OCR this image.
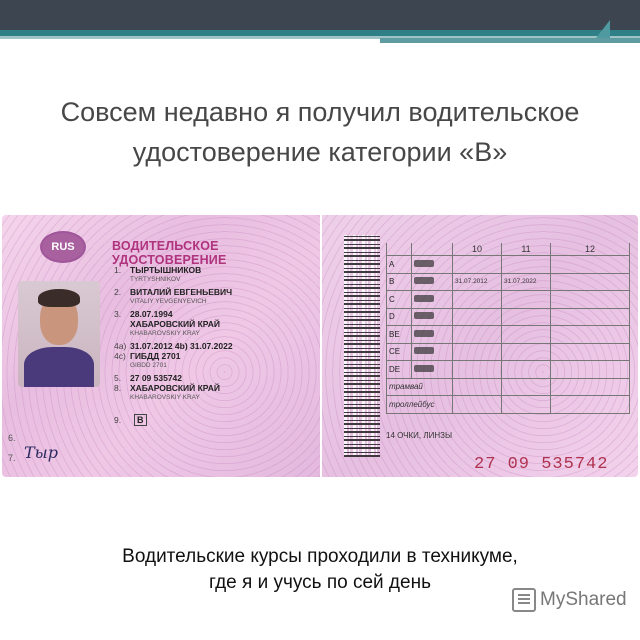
Совсем недавно я получил водительское удостоверение категории «В»
RUS
6.
7. Тыр
ВОДИТЕЛЬСКОЕ УДОСТОВЕРЕНИЕ
1. ТЫРТЫШНИКОВ
TYRTYSHNIKOV
2. ВИТАЛИЙ ЕВГЕНЬЕВИЧ
VITALIY YEVGENYEVICH
3. 28.07.1994
ХАБАРОВСКИЙ КРАЙ
KHABAROVSKIY KRAY
4a) 31.07.2012 4b) 31.07.2022
4c) ГИБДД 2701
GIBDD 2701
5. 27 09 535742
8. ХАБАРОВСКИЙ КРАЙ
KHABAROVSKIY KRAY
9. B
		10	11	12
A				
B		31.07.2012	31.07.2022	
C				
D				
BE				
CE				
DE				
трамвай				
троллейбус				
14 ОЧКИ, ЛИНЗЫ
27 09 535742
Водительские курсы проходили в техникуме,
где я и учусь по сей день
MyShared
